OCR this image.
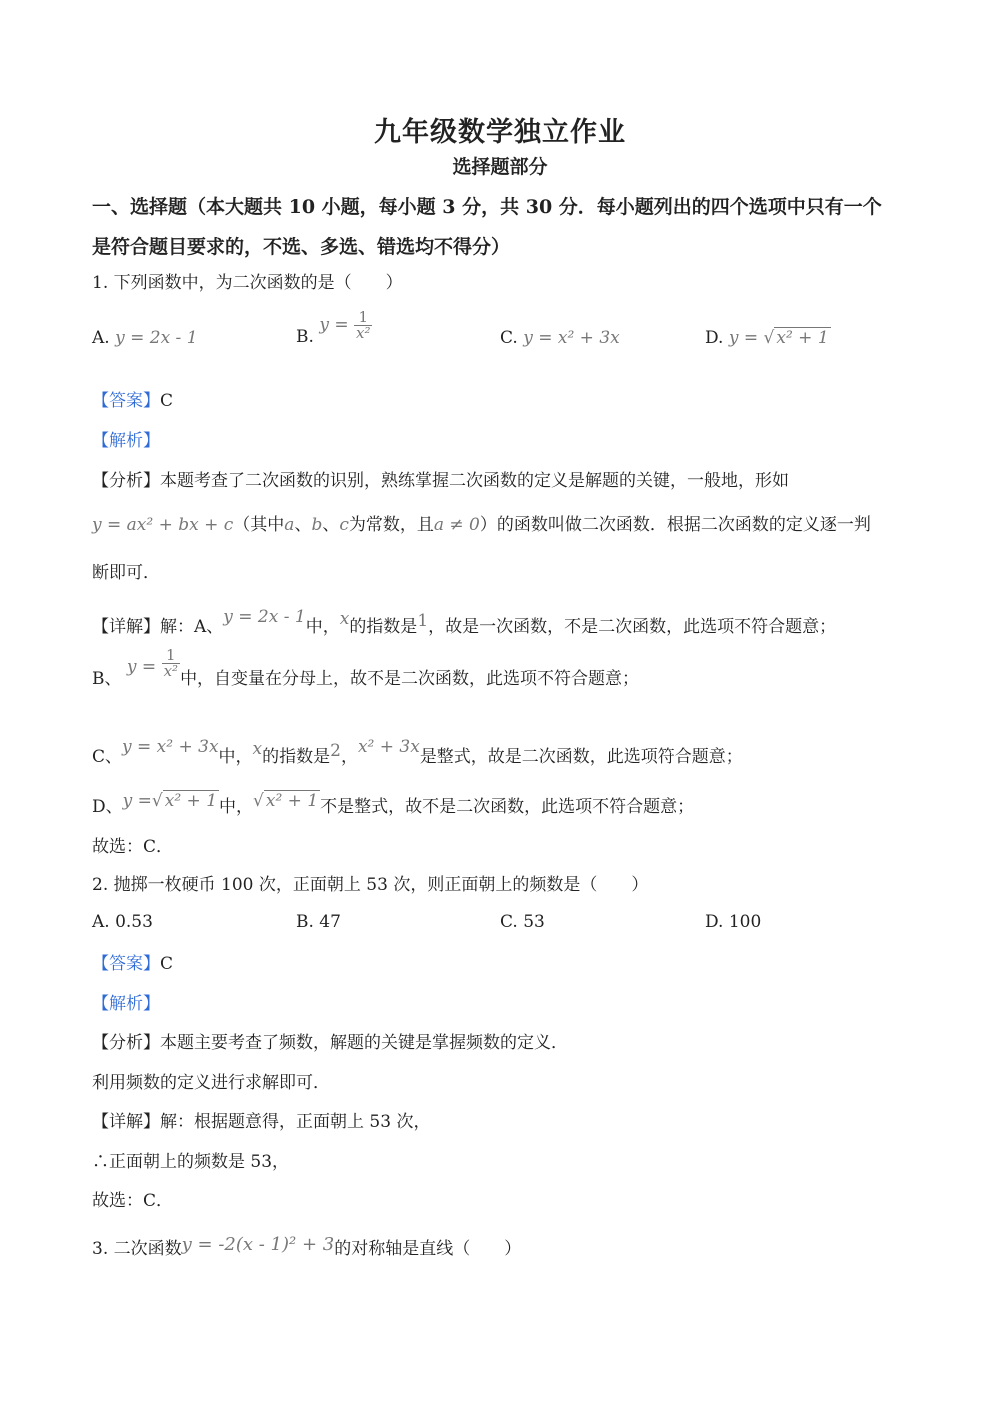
九年级数学独立作业
选择题部分
一、选择题（本大题共 10 小题，每小题 3 分，共 30 分．每小题列出的四个选项中只有一个
是符合题目要求的，不选、多选、错选均不得分）
1. 下列函数中，为二次函数的是（　　）
A. y = 2x - 1	B. $y = \frac{1}{\text{x²}}$	C. y = x² + 3x	D. y = √ x² + 1
【答案】C
【解析】
【分析】本题考查了二次函数的识别，熟练掌握二次函数的定义是解题的关键，一般地，形如
y = ax² + bx + c（其中a、b、c为常数，且a ≠ 0）的函数叫做二次函数．根据二次函数的定义逐一判
断即可．
【详解】解：A、y = 2x - 1中，x的指数是1，故是一次函数，不是二次函数，此选项不符合题意；
B、 $y = \frac{1}{\text{x²}}$ 中，自变量在分母上，故不是二次函数，此选项不符合题意；
C、y = x² + 3x中，x的指数是2，x² + 3x是整式，故是二次函数，此选项符合题意；
D、y =√ x² + 1 中，√ x² + 1 不是整式，故不是二次函数，此选项不符合题意；
故选：C．
2. 抛掷一枚硬币 100 次，正面朝上 53 次，则正面朝上的频数是（　　）
A. 0.53	B. 47	C. 53	D. 100
【答案】C
【解析】
【分析】本题主要考查了频数，解题的关键是掌握频数的定义．
利用频数的定义进行求解即可．
【详解】解：根据题意得，正面朝上 53 次，
∴正面朝上的频数是 53，
故选：C．
3. 二次函数y = -2(x - 1)² + 3的对称轴是直线（　　）
